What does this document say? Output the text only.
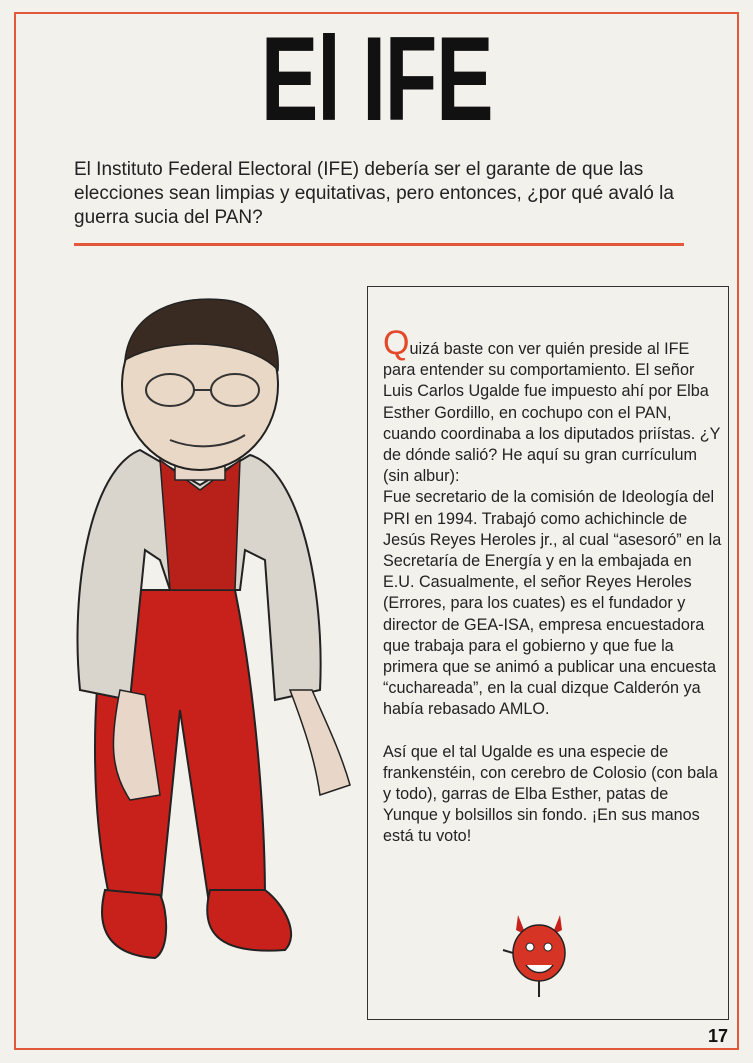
El IFE
El Instituto Federal Electoral (IFE) debería ser el garante de que las elecciones sean limpias y equitativas, pero entonces, ¿por qué avaló la guerra sucia del PAN?

Quizá baste con ver quién preside al IFE para entender su comportamiento. El señor Luis Carlos Ugalde fue impuesto ahí por Elba Esther Gordillo, en cochupo con el PAN, cuando coordinaba a los diputados priístas. ¿Y de dónde salió? He aquí su gran currículum (sin albur):

Fue secretario de la comisión de Ideología del PRI en 1994. Trabajó como achichincle de Jesús Reyes Heroles jr., al cual “asesoró” en la Secretaría de Energía y en la embajada en E.U. Casualmente, el señor Reyes Heroles (Errores, para los cuates) es el fundador y director de GEA-ISA, empresa encuestadora que trabaja para el gobierno y que fue la primera que se animó a publicar una encuesta “cuchareada”, en la cual dizque Calderón ya había rebasado AMLO.

Así que el tal Ugalde es una especie de frankenstéin, con cerebro de Colosio (con bala y todo), garras de Elba Esther, patas de Yunque y bolsillos sin fondo. ¡En sus manos está tu voto!

17
